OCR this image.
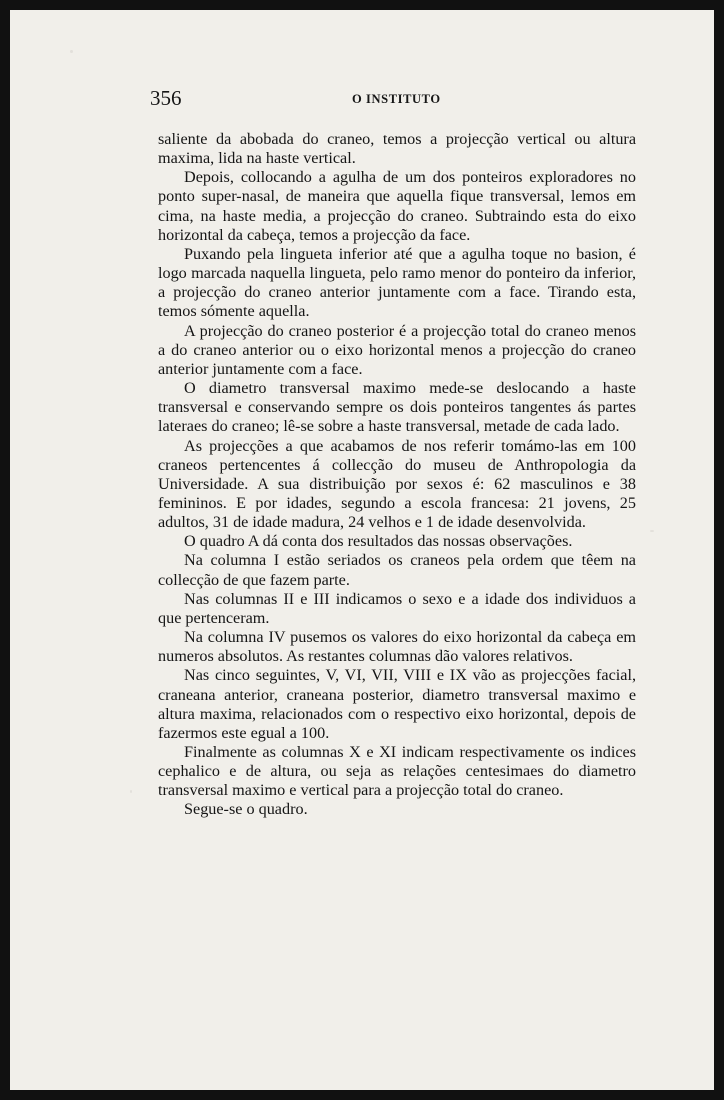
356	O INSTITUTO

saliente da abobada do craneo, temos a projecção vertical ou altura maxima, lida na haste vertical.

Depois, collocando a agulha de um dos ponteiros exploradores no ponto super-nasal, de maneira que aquella fique transversal, lemos em cima, na haste media, a projecção do craneo. Subtraindo esta do eixo horizontal da cabeça, temos a projecção da face.

Puxando pela lingueta inferior até que a agulha toque no basion, é logo marcada naquella lingueta, pelo ramo menor do ponteiro da inferior, a projecção do craneo anterior juntamente com a face. Tirando esta, temos sómente aquella.

A projecção do craneo posterior é a projecção total do craneo menos a do craneo anterior ou o eixo horizontal menos a projecção do craneo anterior juntamente com a face.

O diametro transversal maximo mede-se deslocando a haste transversal e conservando sempre os dois ponteiros tangentes ás partes lateraes do craneo; lê-se sobre a haste transversal, metade de cada lado.

As projecções a que acabamos de nos referir tomámo-las em 100 craneos pertencentes á collecção do museu de Anthropologia da Universidade. A sua distribuição por sexos é: 62 masculinos e 38 femininos. E por idades, segundo a escola francesa: 21 jovens, 25 adultos, 31 de idade madura, 24 velhos e 1 de idade desenvolvida.

O quadro A dá conta dos resultados das nossas observações.

Na columna I estão seriados os craneos pela ordem que têem na collecção de que fazem parte.

Nas columnas II e III indicamos o sexo e a idade dos individuos a que pertenceram.

Na columna IV pusemos os valores do eixo horizontal da cabeça em numeros absolutos. As restantes columnas dão valores relativos.

Nas cinco seguintes, V, VI, VII, VIII e IX vão as projecções facial, craneana anterior, craneana posterior, diametro transversal maximo e altura maxima, relacionados com o respectivo eixo horizontal, depois de fazermos este egual a 100.

Finalmente as columnas X e XI indicam respectivamente os indices cephalico e de altura, ou seja as relações centesimaes do diametro transversal maximo e vertical para a projecção total do craneo.

Segue-se o quadro.
